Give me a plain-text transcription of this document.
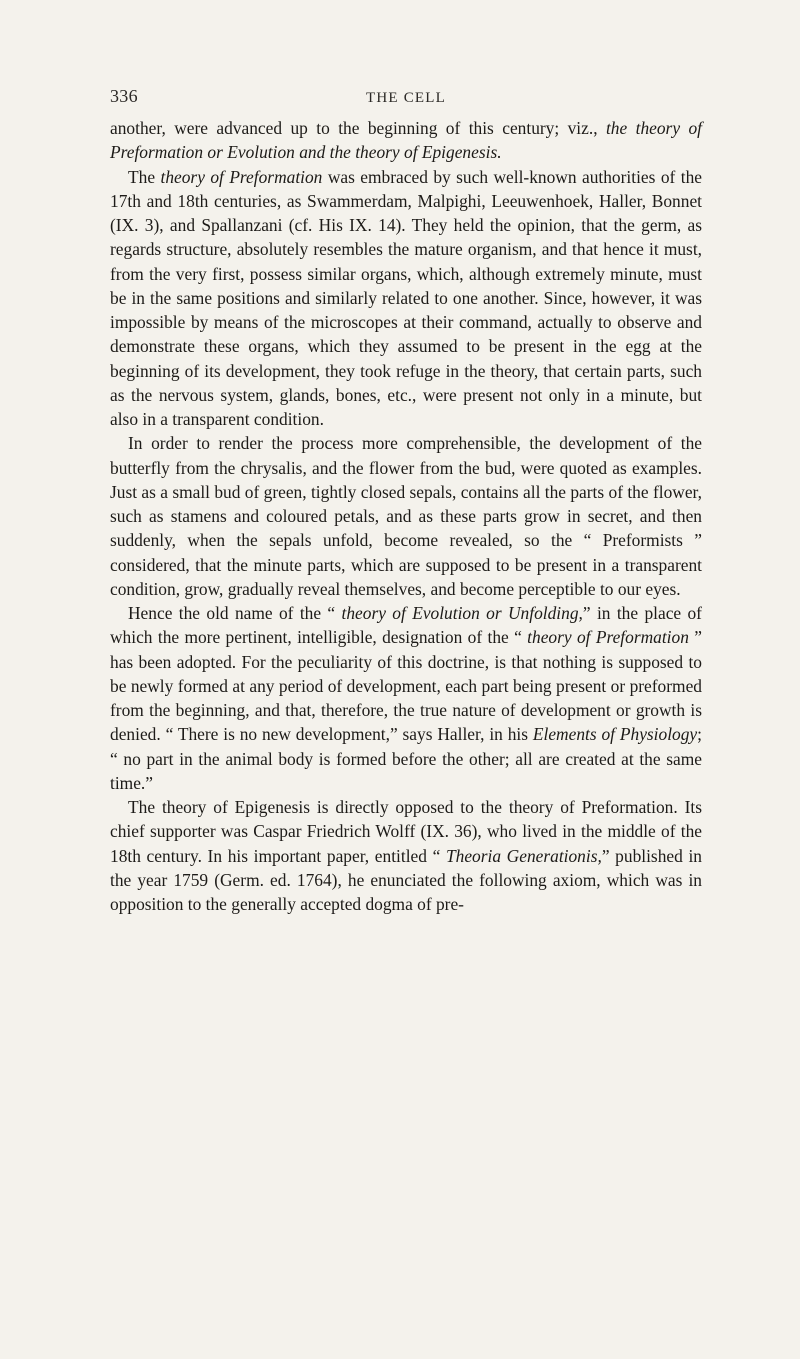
336	THE CELL

another, were advanced up to the beginning of this century; viz., the theory of Preformation or Evolution and the theory of Epigenesis.

The theory of Preformation was embraced by such well-known authorities of the 17th and 18th centuries, as Swammerdam, Malpighi, Leeuwenhoek, Haller, Bonnet (IX. 3), and Spallanzani (cf. His IX. 14). They held the opinion, that the germ, as regards structure, absolutely resembles the mature organism, and that hence it must, from the very first, possess similar organs, which, although extremely minute, must be in the same positions and similarly related to one another. Since, however, it was impossible by means of the microscopes at their command, actually to observe and demonstrate these organs, which they assumed to be present in the egg at the beginning of its development, they took refuge in the theory, that certain parts, such as the nervous system, glands, bones, etc., were present not only in a minute, but also in a transparent condition.

In order to render the process more comprehensible, the development of the butterfly from the chrysalis, and the flower from the bud, were quoted as examples. Just as a small bud of green, tightly closed sepals, contains all the parts of the flower, such as stamens and coloured petals, and as these parts grow in secret, and then suddenly, when the sepals unfold, become revealed, so the “ Preformists ” considered, that the minute parts, which are supposed to be present in a transparent condition, grow, gradually reveal themselves, and become perceptible to our eyes.

Hence the old name of the “ theory of Evolution or Unfolding,” in the place of which the more pertinent, intelligible, designation of the “ theory of Preformation ” has been adopted. For the peculiarity of this doctrine, is that nothing is supposed to be newly formed at any period of development, each part being present or preformed from the beginning, and that, therefore, the true nature of development or growth is denied. “ There is no new development,” says Haller, in his Elements of Physiology; “ no part in the animal body is formed before the other; all are created at the same time.”

The theory of Epigenesis is directly opposed to the theory of Preformation. Its chief supporter was Caspar Friedrich Wolff (IX. 36), who lived in the middle of the 18th century. In his important paper, entitled “ Theoria Generationis,” published in the year 1759 (Germ. ed. 1764), he enunciated the following axiom, which was in opposition to the generally accepted dogma of pre-
